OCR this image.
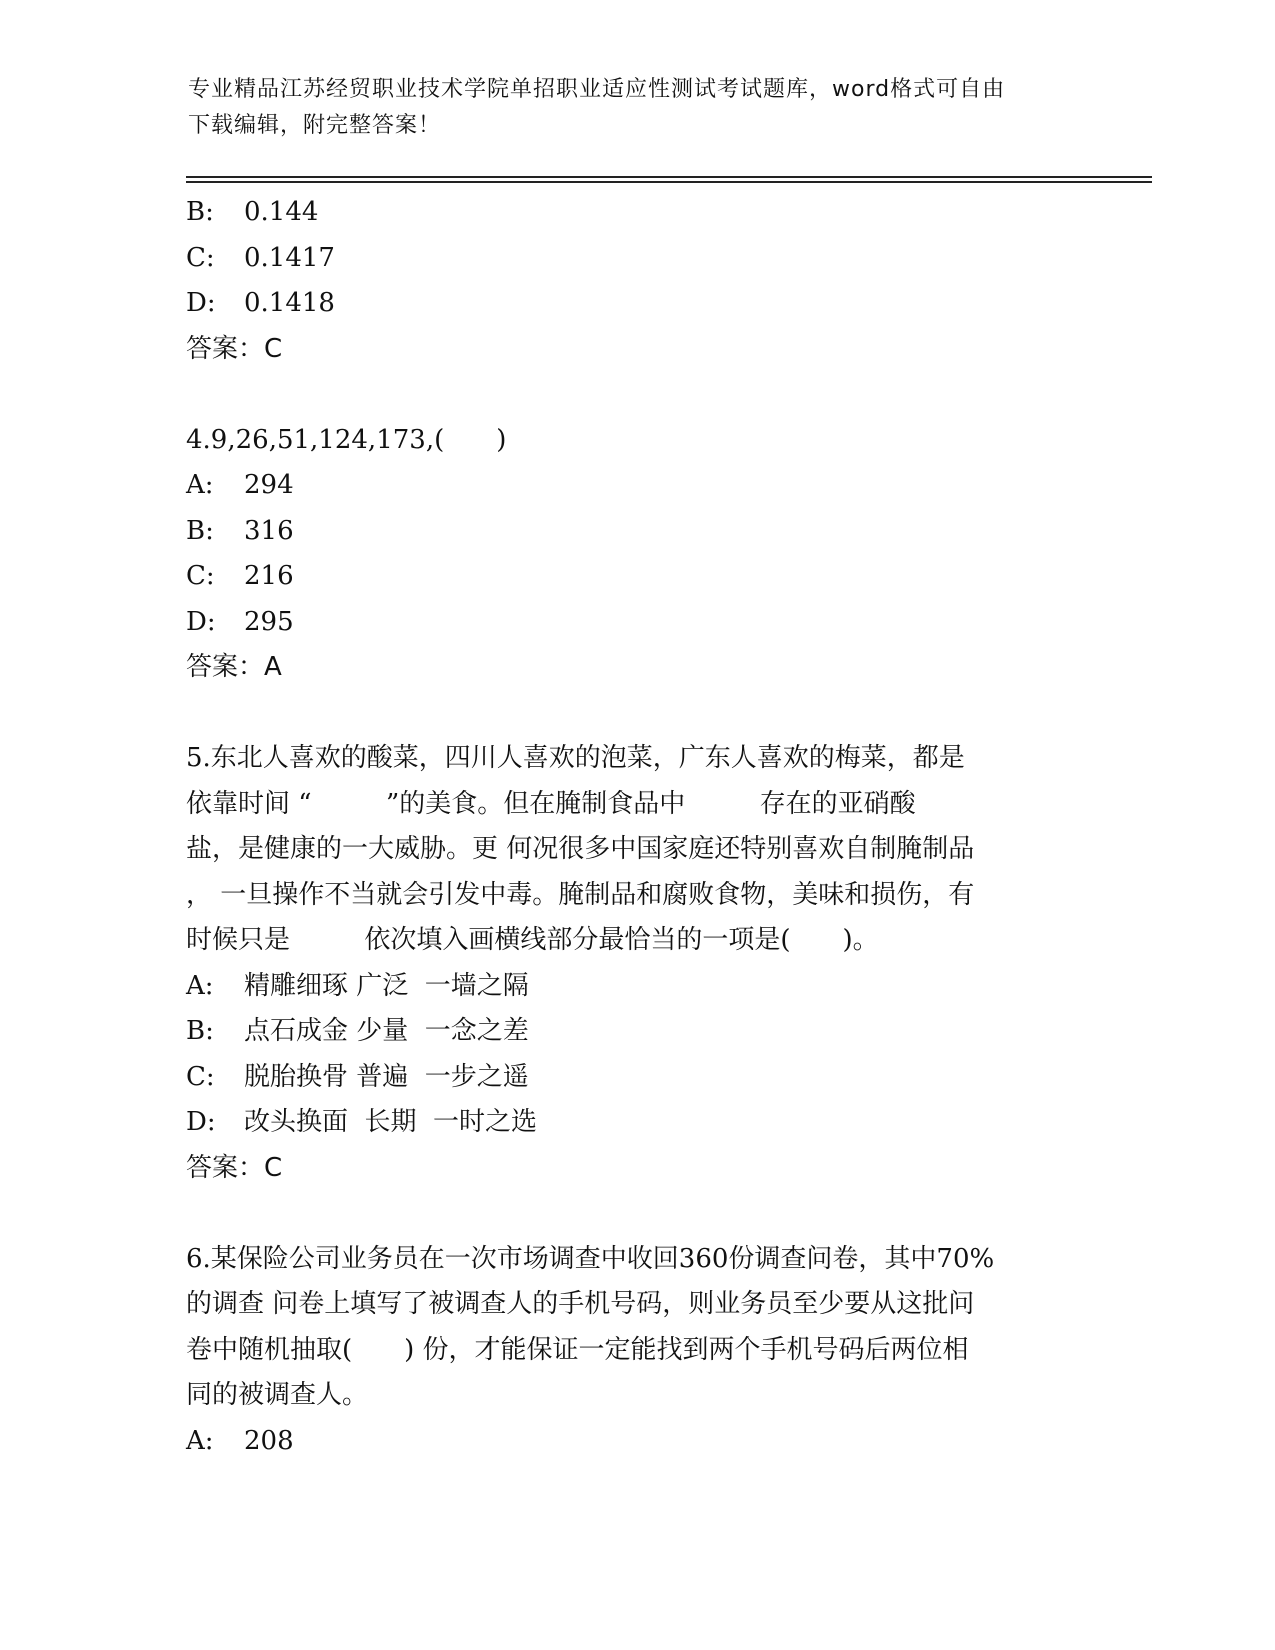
专业精品江苏经贸职业技术学院单招职业适应性测试考试题库，word格式可自由
下载编辑，附完整答案！
B: 0.144
C: 0.1417
D: 0.1418
答案：C
4.9,26,51,124,173,(　　)
A: 294
B: 316
C: 216
D: 295
答案：A
5.东北人喜欢的酸菜，四川人喜欢的泡菜，广东人喜欢的梅菜，都是
依靠时间 “         ”的美食。但在腌制食品中         存在的亚硝酸
盐，是健康的一大威胁。更 何况很多中国家庭还特别喜欢自制腌制品
， 一旦操作不当就会引发中毒。腌制品和腐败食物，美味和损伤，有
时候只是         依次填入画横线部分最恰当的一项是(　　)。
A: 精雕细琢 广泛  一墙之隔
B: 点石成金 少量  一念之差
C: 脱胎换骨 普遍  一步之遥
D: 改头换面  长期  一时之选
答案：C
6.某保险公司业务员在一次市场调查中收回360份调查问卷，其中70%
的调查 问卷上填写了被调查人的手机号码，则业务员至少要从这批问
卷中随机抽取(　　) 份，才能保证一定能找到两个手机号码后两位相
同的被调查人。
A: 208
